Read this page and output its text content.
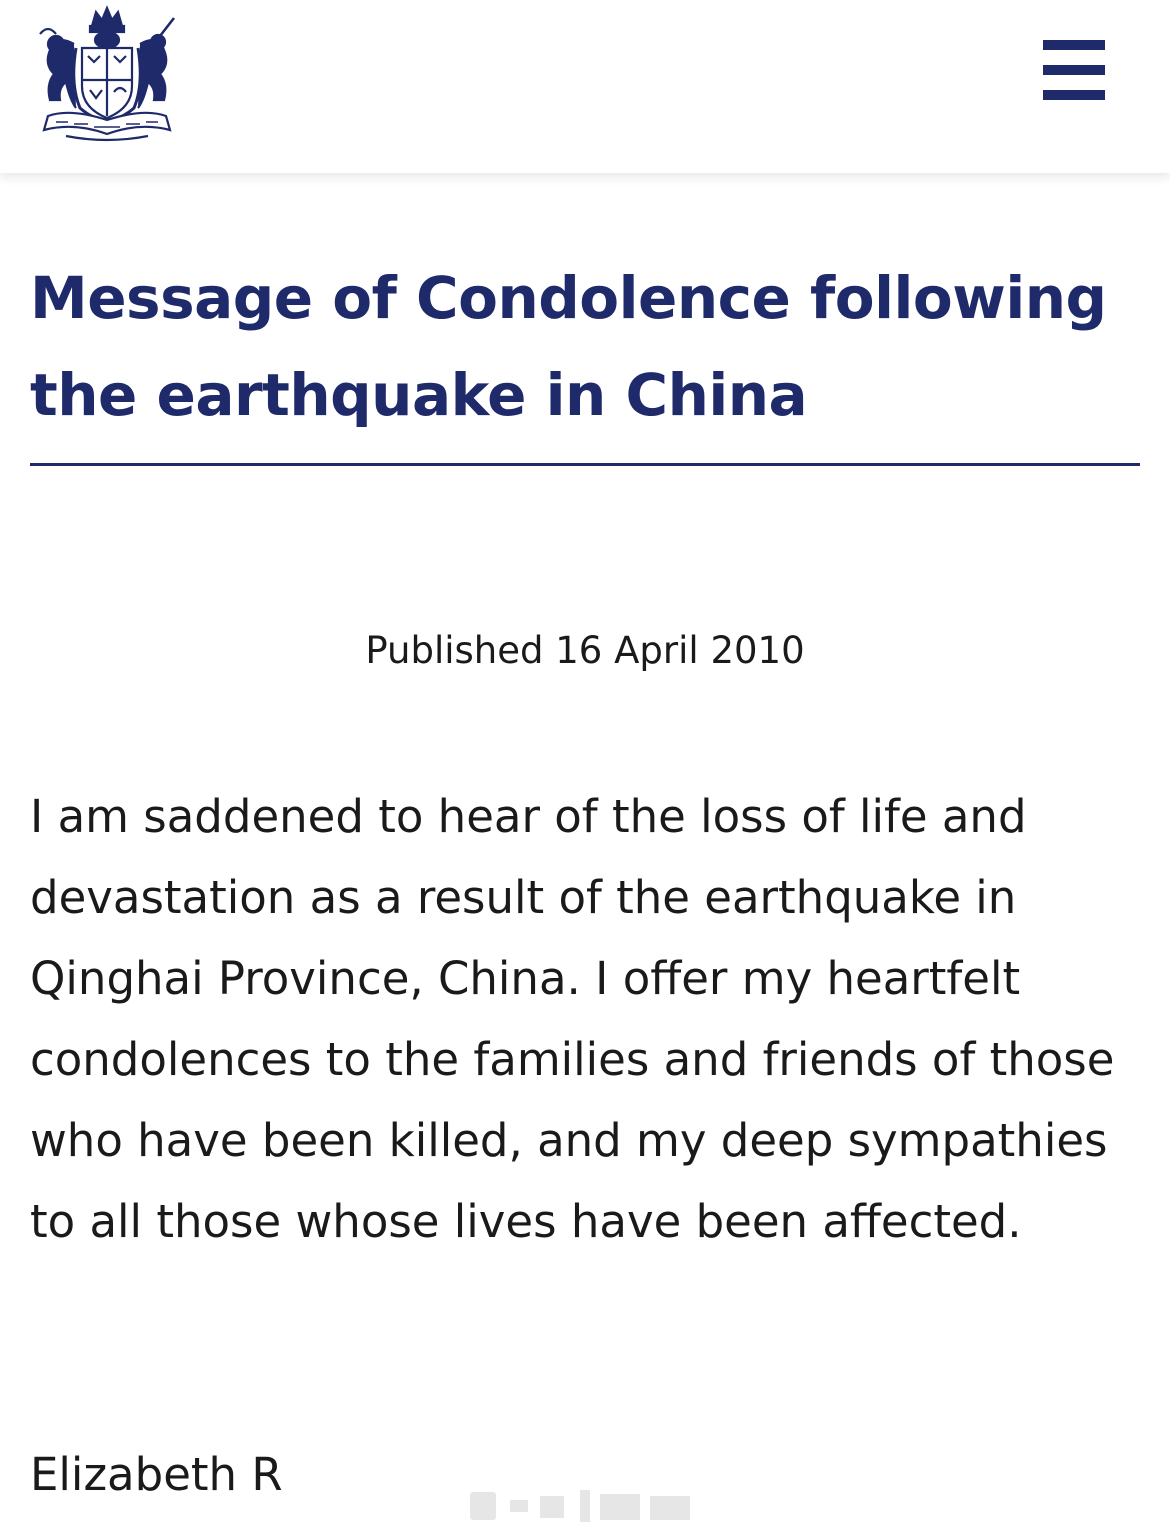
Message of Condolence following the earthquake in China
Published 16 April 2010

I am saddened to hear of the loss of life and devastation as a result of the earthquake in Qinghai Province, China. I offer my heartfelt condolences to the families and friends of those who have been killed, and my deep sympathies to all those whose lives have been affected.

Elizabeth R
